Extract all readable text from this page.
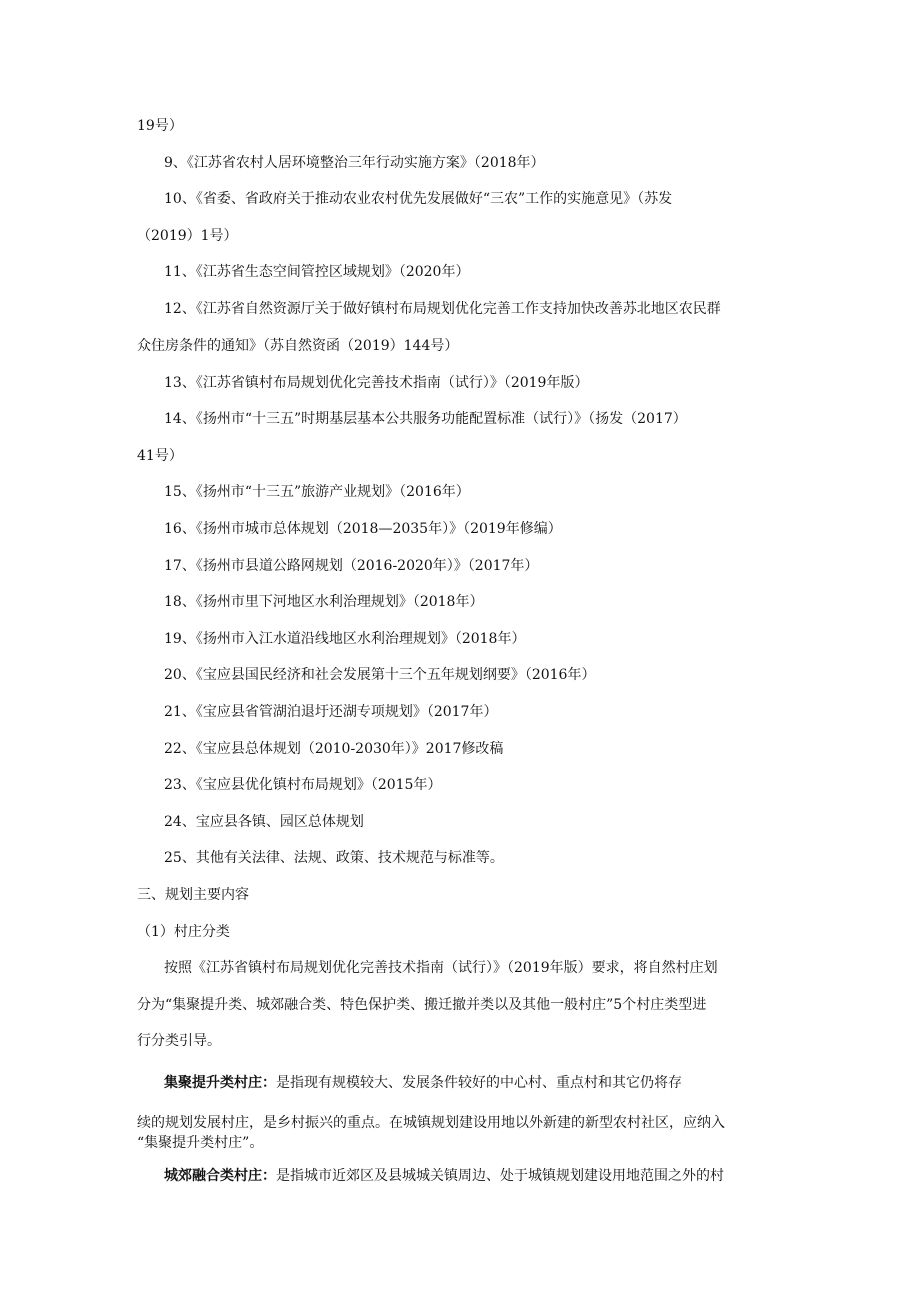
19号）
9、《江苏省农村人居环境整治三年行动实施方案》（2018年）
10、《省委、省政府关于推动农业农村优先发展做好“三农”工作的实施意见》（苏发
（2019）1号）
11、《江苏省生态空间管控区域规划》（2020年）
12、《江苏省自然资源厅关于做好镇村布局规划优化完善工作支持加快改善苏北地区农民群
众住房条件的通知》（苏自然资函（2019）144号）
13、《江苏省镇村布局规划优化完善技术指南（试行）》（2019年版）
14、《扬州市“十三五”时期基层基本公共服务功能配置标准（试行）》（扬发（2017）
41号）
15、《扬州市“十三五”旅游产业规划》（2016年）
16、《扬州市城市总体规划（2018—2035年）》（2019年修编）
17、《扬州市县道公路网规划（2016-2020年）》（2017年）
18、《扬州市里下河地区水利治理规划》（2018年）
19、《扬州市入江水道沿线地区水利治理规划》（2018年）
20、《宝应县国民经济和社会发展第十三个五年规划纲要》（2016年）
21、《宝应县省管湖泊退圩还湖专项规划》（2017年）
22、《宝应县总体规划（2010-2030年）》2017修改稿
23、《宝应县优化镇村布局规划》（2015年）
24、宝应县各镇、园区总体规划
25、其他有关法律、法规、政策、技术规范与标准等。
三、规划主要内容
（1）村庄分类
按照《江苏省镇村布局规划优化完善技术指南（试行）》（2019年版）要求，将自然村庄划
分为“集聚提升类、城郊融合类、特色保护类、搬迁撤并类以及其他一般村庄”5个村庄类型进
行分类引导。
集聚提升类村庄：是指现有规模较大、发展条件较好的中心村、重点村和其它仍将存
续的规划发展村庄，是乡村振兴的重点。在城镇规划建设用地以外新建的新型农村社区，应纳入
“集聚提升类村庄”。
城郊融合类村庄：是指城市近郊区及县城城关镇周边、处于城镇规划建设用地范围之外的村
